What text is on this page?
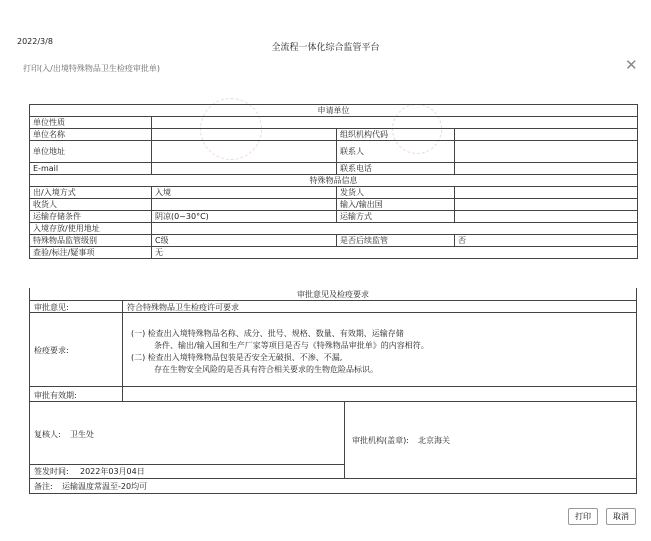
2022/3/8
全流程一体化综合监管平台
打印(入/出境特殊物品卫生检疫审批单)	✕
申请单位			
单位性质			
单位名称		组织机构代码	
单位地址		联系人	
E-mail		联系电话	
特殊物品信息			
出/入境方式	入境	发货人	
收货人		输入/输出国	
运输存储条件	阴凉(0~30°C)	运输方式	
入境存放/使用地址			
特殊物品监管级别	C级	是否后续监管	否
查验/标注/疑事项	无		
审批意见及检疫要求
审批意见:	符合特殊物品卫生检疫许可要求
检疫要求:
(一) 检查出入境特殊物品名称、成分、批号、规格、数量、有效期、运输存储
条件、输出/输入国和生产厂家等项目是否与《特殊物品审批单》的内容相符。
(二) 检查出入境特殊物品包装是否安全无破损、不渗、不漏,
存在生物安全风险的是否具有符合相关要求的生物危险品标识。
审批有效期:
复核人: 卫生处
审批机构(盖章): 北京海关
签发时间: 2022年03月04日
备注: 运输温度常温至-20均可
打印	取消
